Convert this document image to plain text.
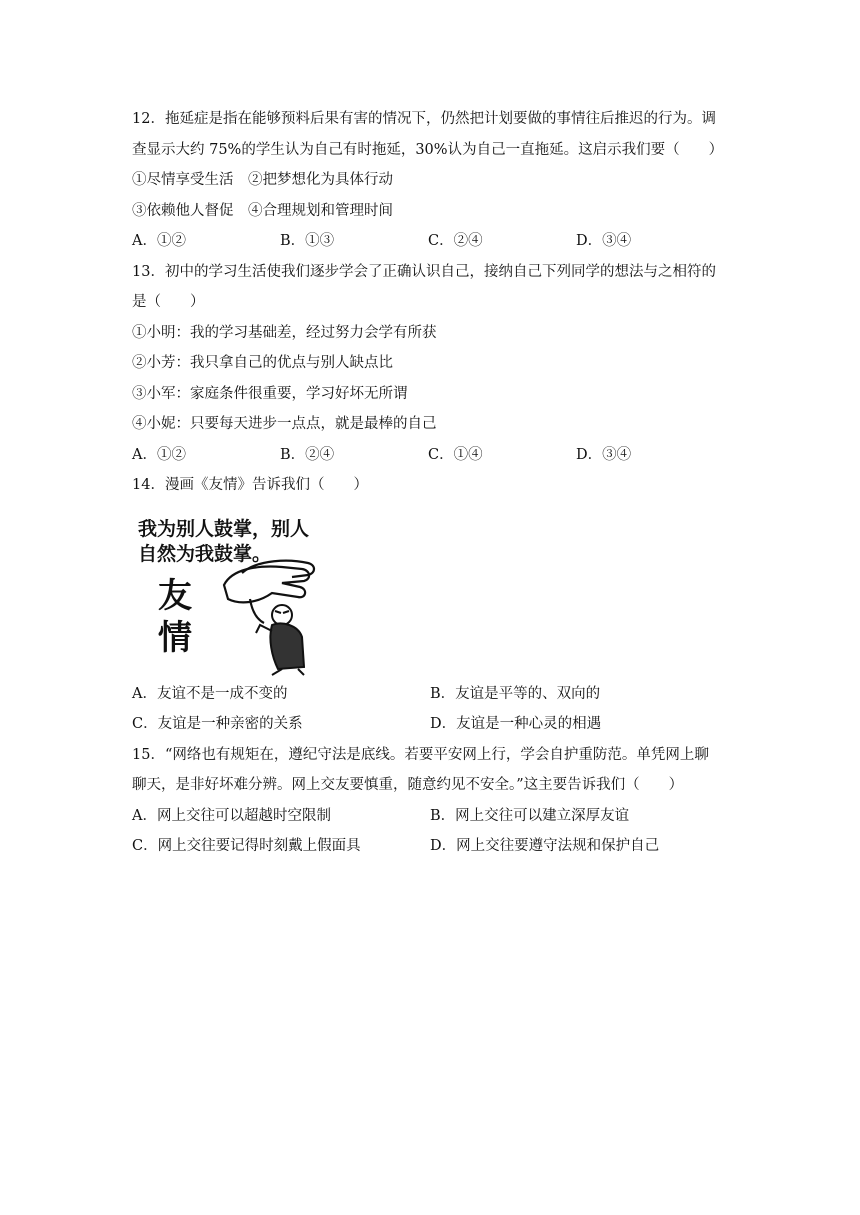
12．拖延症是指在能够预料后果有害的情况下，仍然把计划要做的事情往后推迟的行为。调
查显示大约 75%的学生认为自己有时拖延，30%认为自己一直拖延。这启示我们要（　　）
①尽情享受生活　②把梦想化为具体行动
③依赖他人督促　④合理规划和管理时间
A．①②	B．①③	C．②④	D．③④
13．初中的学习生活使我们逐步学会了正确认识自己，接纳自己下列同学的想法与之相符的
是（　　）
①小明：我的学习基础差，经过努力会学有所获
②小芳：我只拿自己的优点与别人缺点比
③小军：家庭条件很重要，学习好坏无所谓
④小妮：只要每天进步一点点，就是最棒的自己
A．①②	B．②④	C．①④	D．③④
14．漫画《友情》告诉我们（　　）
我为别人鼓掌，别人
自然为我鼓掌。
友
情
A．友谊不是一成不变的	B．友谊是平等的、双向的
C．友谊是一种亲密的关系	D．友谊是一种心灵的相遇
15．“网络也有规矩在，遵纪守法是底线。若要平安网上行，学会自护重防范。单凭网上聊
聊天，是非好坏难分辨。网上交友要慎重，随意约见不安全。”这主要告诉我们（　　）
A．网上交往可以超越时空限制	B．网上交往可以建立深厚友谊
C．网上交往要记得时刻戴上假面具	D．网上交往要遵守法规和保护自己
